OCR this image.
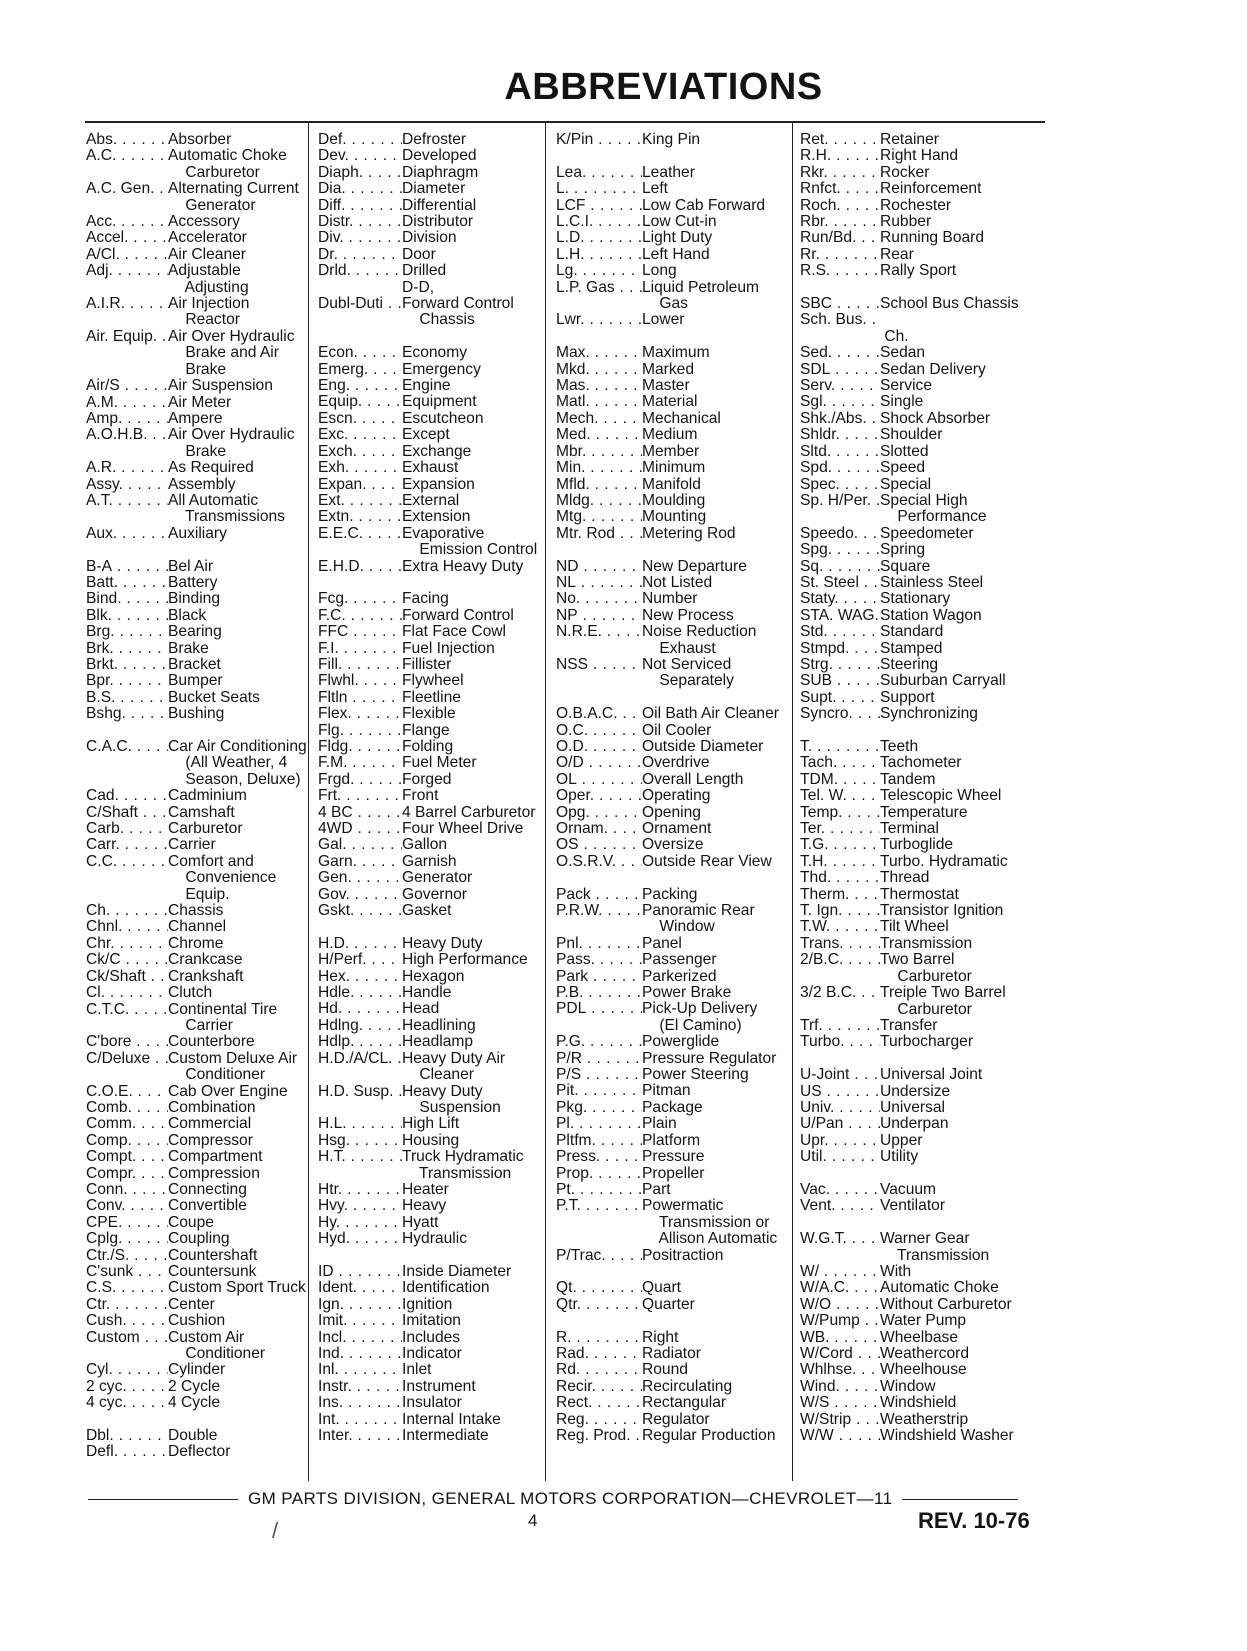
ABBREVIATIONS
Abs. . . .	Absorber
A.C. . . .	Automatic Choke
Carburetor
A.C. Gen. . . . Alternating Current
Generator
Acc. . . .	Accessory
Accel. . . .	Accelerator
A/Cl. . . .	Air Cleaner
Adj. . . .	Adjustable
Adjusting
A.I.R. . . .	Air Injection
Reactor
Air. Equip. . . . Air Over Hydraulic
Brake and Air
Brake
Air/S . . .	Air Suspension
A.M. . . .	Air Meter
Amp. . . .	Ampere
A.O.H.B. . . .	Air Over Hydraulic
Brake
A.R. . . .	As Required
Assy. . . .	Assembly
A.T. . . .	All Automatic
Transmissions
Aux. . . .	Auxiliary
B-A . . .	Bel Air
Batt. . . .	Battery
Bind. . . .	Binding
Blk. . . .	Black
Brg. . . .	Bearing
Brk. . . .	Brake
Brkt. . . .	Bracket
Bpr. . . .	Bumper
B.S. . . .	Bucket Seats
Bshg. . . .	Bushing
C.A.C. . . .	Car Air Conditioning
(All Weather, 4
Season, Deluxe)
Cad. . . .	Cadminium
C/Shaft . . .	Camshaft
Carb. . . .	Carburetor
Carr. . . .	Carrier
C.C. . . .	Comfort and
Convenience
Equip.
Ch. . . .	Chassis
Chnl. . . .	Channel
Chr. . . .	Chrome
Ck/C . . .	Crankcase
Ck/Shaft . . .	Crankshaft
Cl. . . .	Clutch
C.T.C. . . .	Continental Tire
Carrier
C'bore . . .	Counterbore
C/Deluxe . . .	Custom Deluxe Air
Conditioner
C.O.E. . . .	Cab Over Engine
Comb. . . .	Combination
Comm. . . .	Commercial
Comp. . . .	Compressor
Compt. . . .	Compartment
Compr. . . .	Compression
Conn. . . .	Connecting
Conv. . . .	Convertible
CPE. . . .	Coupe
Cplg. . . .	Coupling
Ctr./S. . . .	Countershaft
C'sunk . . .	Countersunk
C.S. . . .	Custom Sport Truck
Ctr. . . .	Center
Cush. . . .	Cushion
Custom . . .	Custom Air
Conditioner
Cyl. . . .	Cylinder
2 cyc. . . .	2 Cycle
4 cyc. . . .	4 Cycle
Dbl. . . .	Double
Defl. . . .	Deflector
Def. . . .	Defroster
Dev. . . .	Developed
Diaph. . . .	Diaphragm
Dia. . . .	Diameter
Diff. . . .	Differential
Distr. . . .	Distributor
Div. . . .	Division
Dr. . . .	Door
Drld. . . .	Drilled
D-D,
Dubl-Duti . . .	Forward Control
Chassis
Econ. . . .	Economy
Emerg. . . .	Emergency
Eng. . . .	Engine
Equip. . . .	Equipment
Escn. . . .	Escutcheon
Exc. . . .	Except
Exch. . . .	Exchange
Exh. . . .	Exhaust
Expan. . . .	Expansion
Ext. . . .	External
Extn. . . .	Extension
E.E.C. . . .	Evaporative
Emission Control
E.H.D. . . .	Extra Heavy Duty
Fcg. . . .	Facing
F.C. . . .	Forward Control
FFC . . .	Flat Face Cowl
F.I. . . .	Fuel Injection
Fill. . . .	Fillister
Flwhl. . . .	Flywheel
Fltln . . .	Fleetline
Flex. . . .	Flexible
Flg. . . .	Flange
Fldg. . . .	Folding
F.M. . . .	Fuel Meter
Frgd. . . .	Forged
Frt. . . .	Front
4 BC . . .	4 Barrel Carburetor
4WD . . .	Four Wheel Drive
Gal. . . .	Gallon
Garn. . . .	Garnish
Gen. . . .	Generator
Gov. . . .	Governor
Gskt. . . .	Gasket
H.D. . . .	Heavy Duty
H/Perf. . . .	High Performance
Hex. . . .	Hexagon
Hdle. . . .	Handle
Hd. . . .	Head
Hdlng. . . .	Headlining
Hdlp. . . .	Headlamp
H.D./A/CL. . . . Heavy Duty Air
Cleaner
H.D. Susp. . . . Heavy Duty
Suspension
H.L. . . .	High Lift
Hsg. . . .	Housing
H.T. . . .	Truck Hydramatic
Transmission
Htr. . . .	Heater
Hvy. . . .	Heavy
Hy. . . .	Hyatt
Hyd. . . .	Hydraulic
ID . . .	Inside Diameter
Ident. . . .	Identification
Ign. . . .	Ignition
Imit. . . .	Imitation
Incl. . . .	Includes
Ind. . . .	Indicator
Inl. . . .	Inlet
Instr. . . .	Instrument
Ins. . . .	Insulator
Int. . . .	Internal Intake
Inter. . . .	Intermediate
K/Pin . . .	King Pin
Lea. . . .	Leather
L. . . .	Left
LCF . . .	Low Cab Forward
L.C.I. . . .	Low Cut-in
L.D. . . .	Light Duty
L.H. . . .	Left Hand
Lg. . . .	Long
L.P. Gas . . .	Liquid Petroleum
Gas
Lwr. . . .	Lower
Max. . . .	Maximum
Mkd. . . .	Marked
Mas. . . .	Master
Matl. . . .	Material
Mech. . . .	Mechanical
Med. . . .	Medium
Mbr. . . .	Member
Min. . . .	Minimum
Mfld. . . .	Manifold
Mldg. . . .	Moulding
Mtg. . . .	Mounting
Mtr. Rod . . .	Metering Rod
ND . . .	New Departure
NL . . .	Not Listed
No. . . .	Number
NP . . .	New Process
N.R.E. . . .	Noise Reduction
Exhaust
NSS . . .	Not Serviced
Separately
O.B.A.C. . . .	Oil Bath Air Cleaner
O.C. . . .	Oil Cooler
O.D. . . .	Outside Diameter
O/D . . .	Overdrive
OL . . .	Overall Length
Oper. . . .	Operating
Opg. . . .	Opening
Ornam. . . .	Ornament
OS . . .	Oversize
O.S.R.V. . . .	Outside Rear View
Pack . . .	Packing
P.R.W. . . .	Panoramic Rear
Window
Pnl. . . .	Panel
Pass. . . .	Passenger
Park . . .	Parkerized
P.B. . . .	Power Brake
PDL . . .	Pick-Up Delivery
(El Camino)
P.G. . . .	Powerglide
P/R . . .	Pressure Regulator
P/S . . .	Power Steering
Pit. . . .	Pitman
Pkg. . . .	Package
Pl. . . .	Plain
Pltfm. . . .	Platform
Press. . . .	Pressure
Prop. . . .	Propeller
Pt. . . .	Part
P.T. . . .	Powermatic
Transmission or
Allison Automatic
P/Trac. . . .	Positraction
Qt. . . .	Quart
Qtr. . . .	Quarter
R. . . .	Right
Rad. . . .	Radiator
Rd. . . .	Round
Recir. . . .	Recirculating
Rect. . . .	Rectangular
Reg. . . .	Regulator
Reg. Prod. . . . Regular Production
Ret. . . .	Retainer
R.H. . . .	Right Hand
Rkr. . . .	Rocker
Rnfct. . . .	Reinforcement
Roch. . . .	Rochester
Rbr. . . .	Rubber
Run/Bd. . . .	Running Board
Rr. . . .	Rear
R.S. . . .	Rally Sport
SBC . . .	School Bus Chassis
Sch. Bus. . . .
Ch.
Sed. . . .	Sedan
SDL . . .	Sedan Delivery
Serv. . . .	Service
Sgl. . . .	Single
Shk./Abs. . . . Shock Absorber
Shldr. . . .	Shoulder
Sltd. . . .	Slotted
Spd. . . .	Speed
Spec. . . .	Special
Sp. H/Per. . . . Special High
Performance
Speedo. . . .	Speedometer
Spg. . . .	Spring
Sq. . . .	Square
St. Steel . . .	Stainless Steel
Staty. . . .	Stationary
STA. WAG. . . . Station Wagon
Std. . . .	Standard
Stmpd. . . .	Stamped
Strg. . . .	Steering
SUB . . .	Suburban Carryall
Supt. . . .	Support
Syncro. . . .	Synchronizing
T. . . .	Teeth
Tach. . . .	Tachometer
TDM. . . .	Tandem
Tel. W. . . .	Telescopic Wheel
Temp. . . .	Temperature
Ter. . . .	Terminal
T.G. . . .	Turboglide
T.H. . . .	Turbo. Hydramatic
Thd. . . .	Thread
Therm. . . .	Thermostat
T. Ign. . . .	Transistor Ignition
T.W. . . .	Tilt Wheel
Trans. . . .	Transmission
2/B.C. . . .	Two Barrel
Carburetor
3/2 B.C. . . .	Treiple Two Barrel
Carburetor
Trf. . . .	Transfer
Turbo. . . .	Turbocharger
U-Joint . . .	Universal Joint
US . . .	Undersize
Univ. . . .	Universal
U/Pan . . .	Underpan
Upr. . . .	Upper
Util. . . .	Utility
Vac. . . .	Vacuum
Vent. . . .	Ventilator
W.G.T. . . .	Warner Gear
Transmission
W/ . . .	With
W/A.C. . . .	Automatic Choke
W/O . . .	Without Carburetor
W/Pump . . .	Water Pump
WB. . . .	Wheelbase
W/Cord . . .	Weathercord
Whlhse. . . .	Wheelhouse
Wind. . . .	Window
W/S . . .	Windshield
W/Strip . . .	Weatherstrip
W/W . . .	Windshield Washer
GM PARTS DIVISION, GENERAL MOTORS CORPORATION—CHEVROLET—11
4	REV. 10-76
/
